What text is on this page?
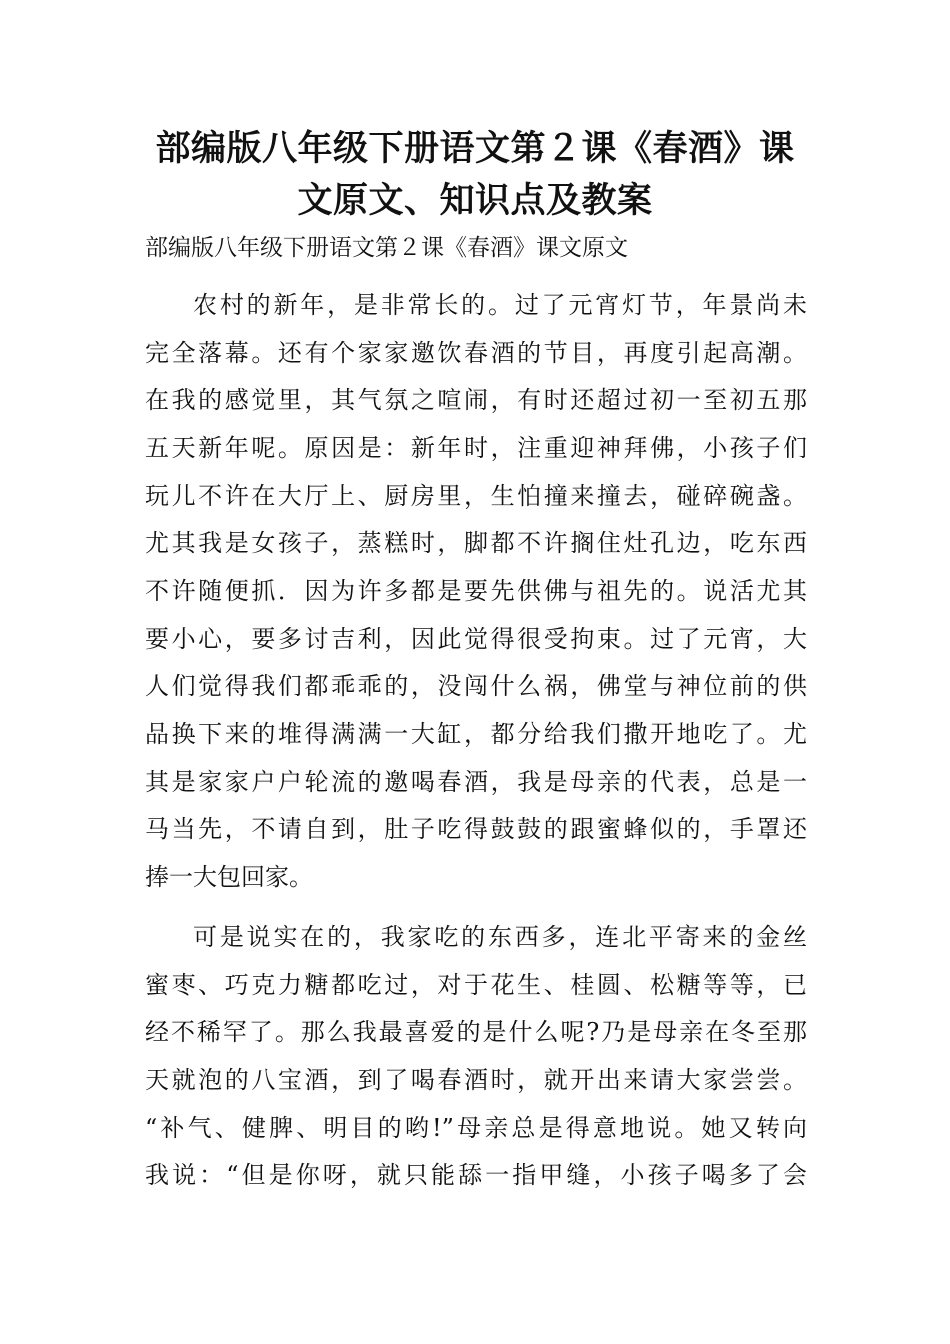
部编版八年级下册语文第２课《春酒》课
文原文、知识点及教案
部编版八年级下册语文第２课《春酒》课文原文
农村的新年，是非常长的。过了元宵灯节，年景尚未
完全落幕。还有个家家邀饮春酒的节目，再度引起高潮。
在我的感觉里，其气氛之喧闹，有时还超过初一至初五那
五天新年呢。原因是：新年时，注重迎神拜佛，小孩子们
玩儿不许在大厅上、厨房里，生怕撞来撞去，碰碎碗盏。
尤其我是女孩子，蒸糕时，脚都不许搁住灶孔边，吃东西
不许随便抓．因为许多都是要先供佛与祖先的。说活尤其
要小心，要多讨吉利，因此觉得很受拘束。过了元宵，大
人们觉得我们都乖乖的，没闯什么祸，佛堂与神位前的供
品换下来的堆得满满一大缸，都分给我们撒开地吃了。尤
其是家家户户轮流的邀喝春酒，我是母亲的代表，总是一
马当先，不请自到，肚子吃得鼓鼓的跟蜜蜂似的，手罩还
捧一大包回家。
可是说实在的，我家吃的东西多，连北平寄来的金丝
蜜枣、巧克力糖都吃过，对于花生、桂圆、松糖等等，已
经不稀罕了。那么我最喜爱的是什么呢?乃是母亲在冬至那
天就泡的八宝酒，到了喝春酒时，就开出来请大家尝尝。
“补气、健脾、明目的哟!”母亲总是得意地说。她又转向
我说：“但是你呀，就只能舔一指甲缝，小孩子喝多了会
